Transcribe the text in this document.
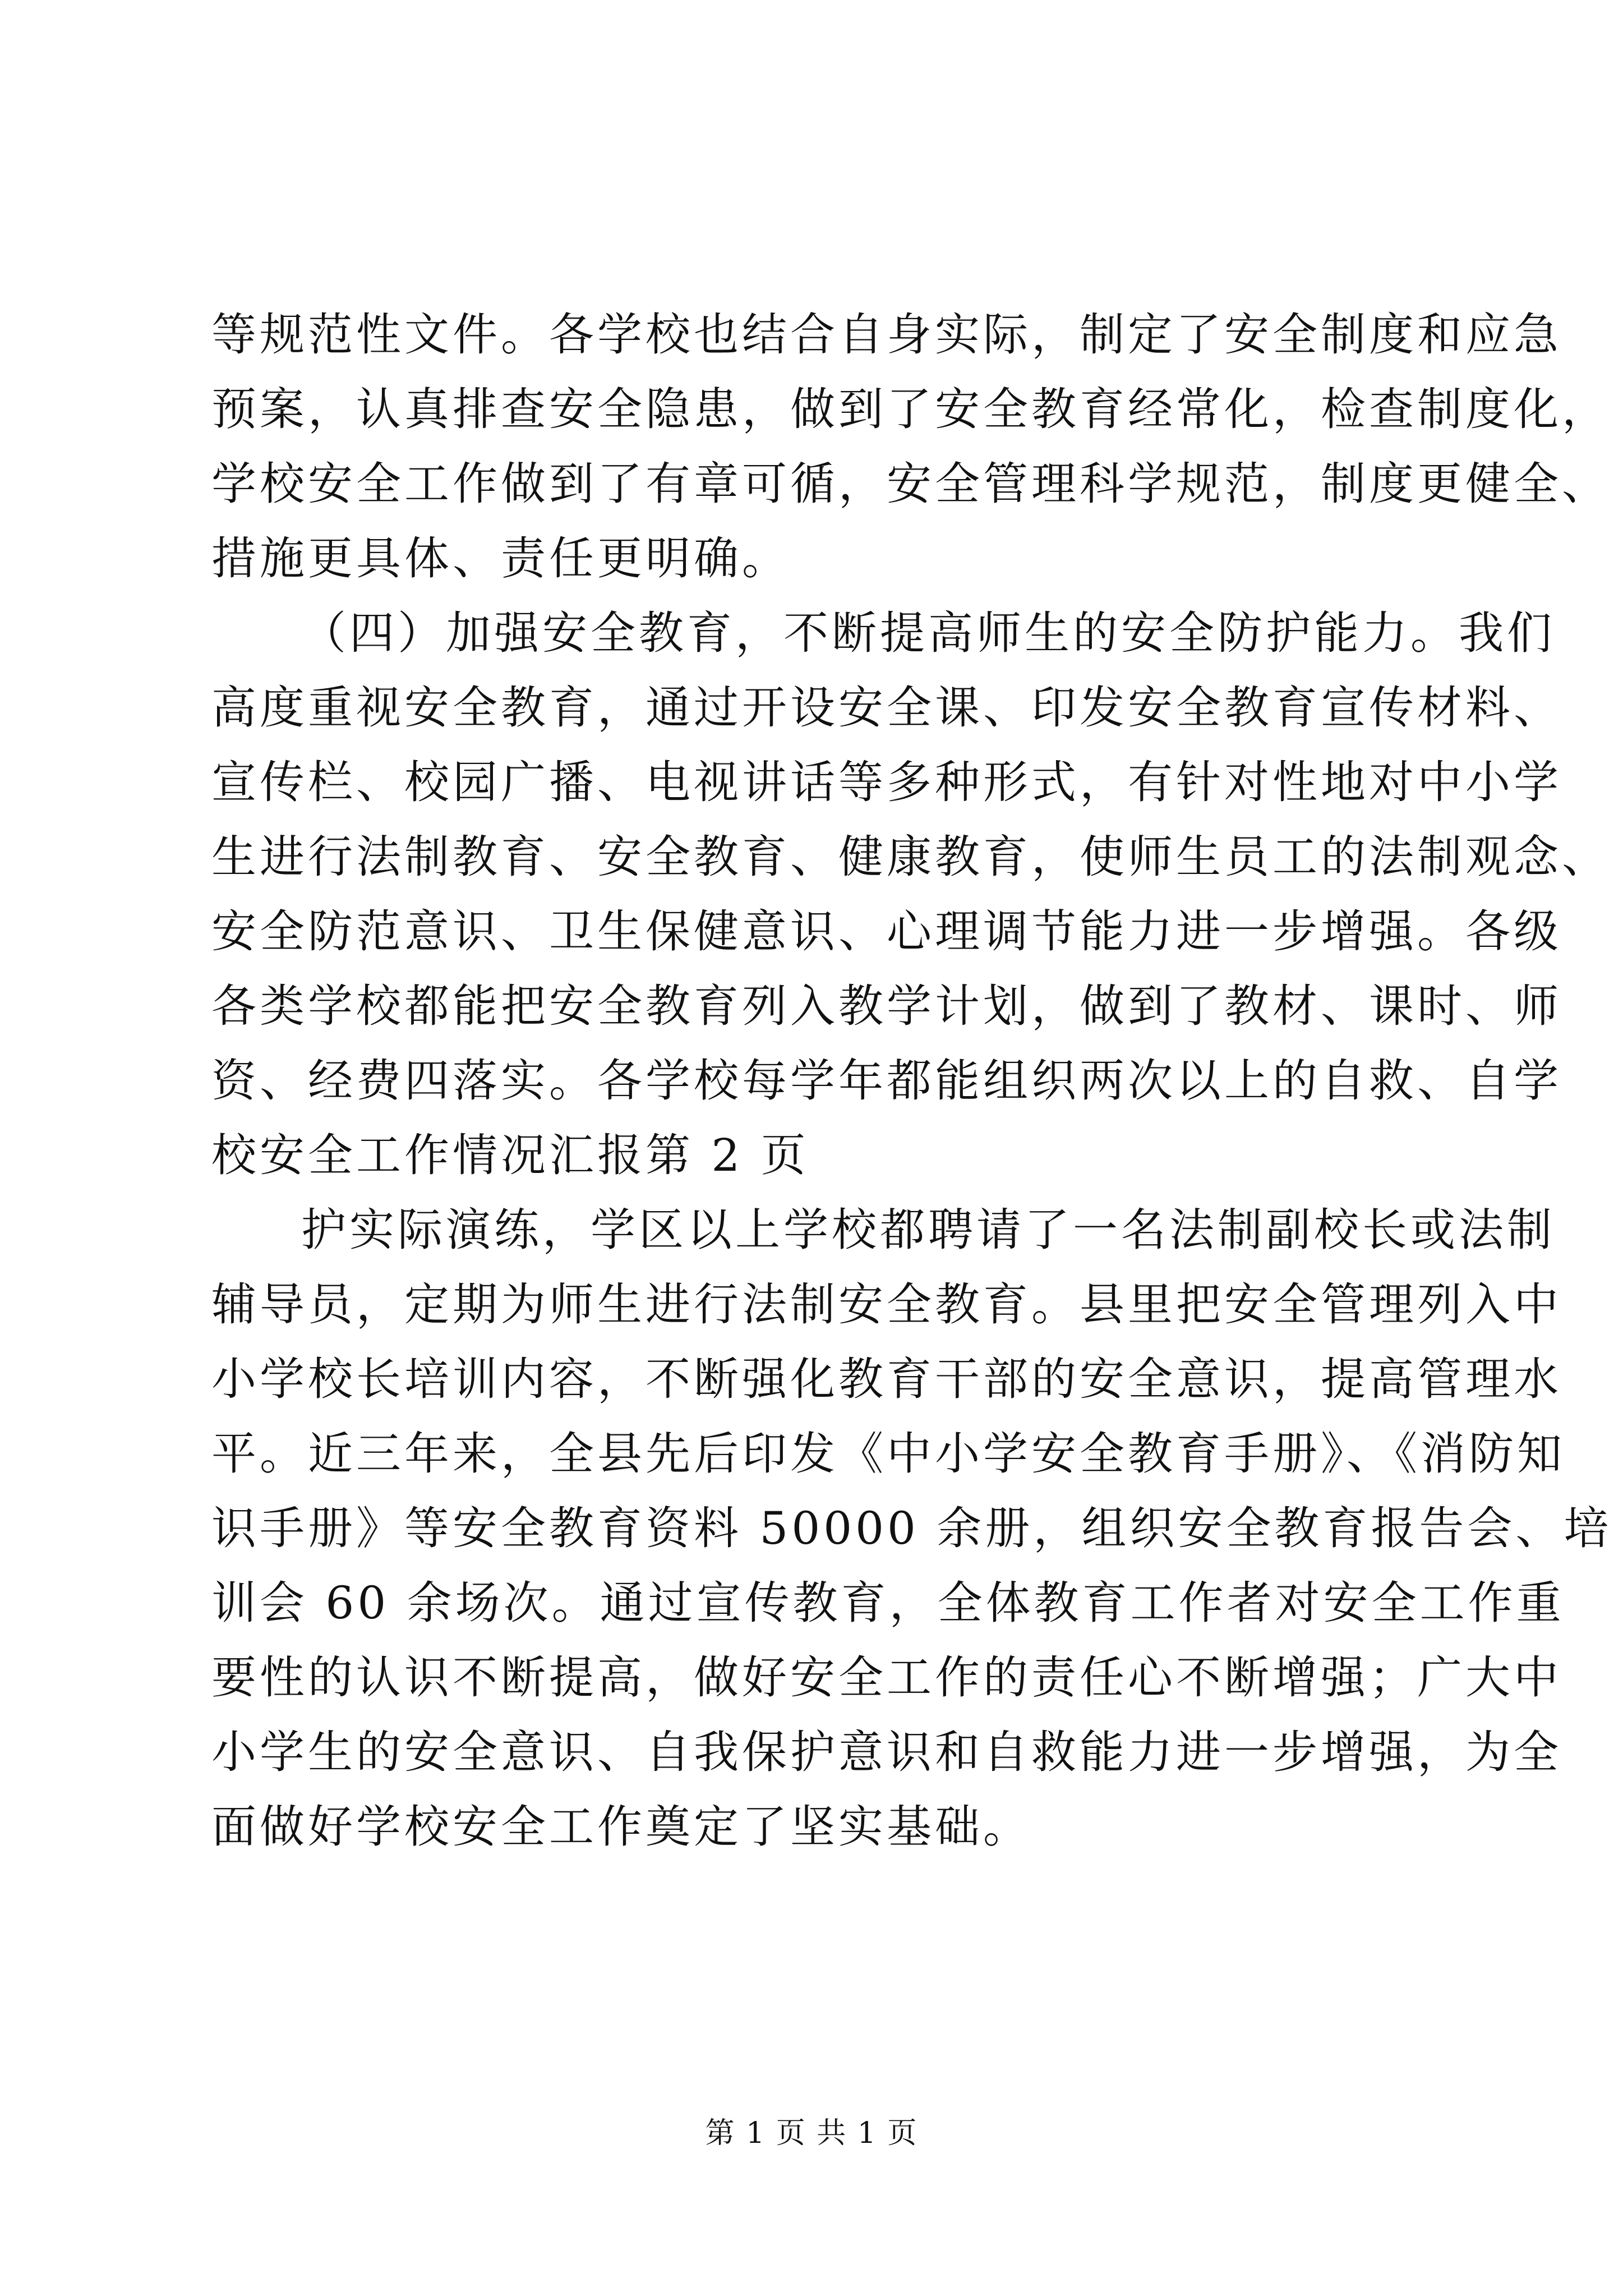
等规范性文件。各学校也结合自身实际，制定了安全制度和应急
预案，认真排查安全隐患，做到了安全教育经常化，检查制度化，
学校安全工作做到了有章可循，安全管理科学规范，制度更健全、
措施更具体、责任更明确。
（四）加强安全教育，不断提高师生的安全防护能力。我们
高度重视安全教育，通过开设安全课、印发安全教育宣传材料、
宣传栏、校园广播、电视讲话等多种形式，有针对性地对中小学
生进行法制教育、安全教育、健康教育，使师生员工的法制观念、
安全防范意识、卫生保健意识、心理调节能力进一步增强。各级
各类学校都能把安全教育列入教学计划，做到了教材、课时、师
资、经费四落实。各学校每学年都能组织两次以上的自救、自学
校安全工作情况汇报第 2 页
护实际演练，学区以上学校都聘请了一名法制副校长或法制
辅导员，定期为师生进行法制安全教育。县里把安全管理列入中
小学校长培训内容，不断强化教育干部的安全意识，提高管理水
平。近三年来，全县先后印发《中小学安全教育手册》、《消防知
识手册》等安全教育资料 50000 余册，组织安全教育报告会、培
训会 60 余场次。通过宣传教育，全体教育工作者对安全工作重
要性的认识不断提高，做好安全工作的责任心不断增强；广大中
小学生的安全意识、自我保护意识和自救能力进一步增强，为全
面做好学校安全工作奠定了坚实基础。
第 1 页 共 1 页
